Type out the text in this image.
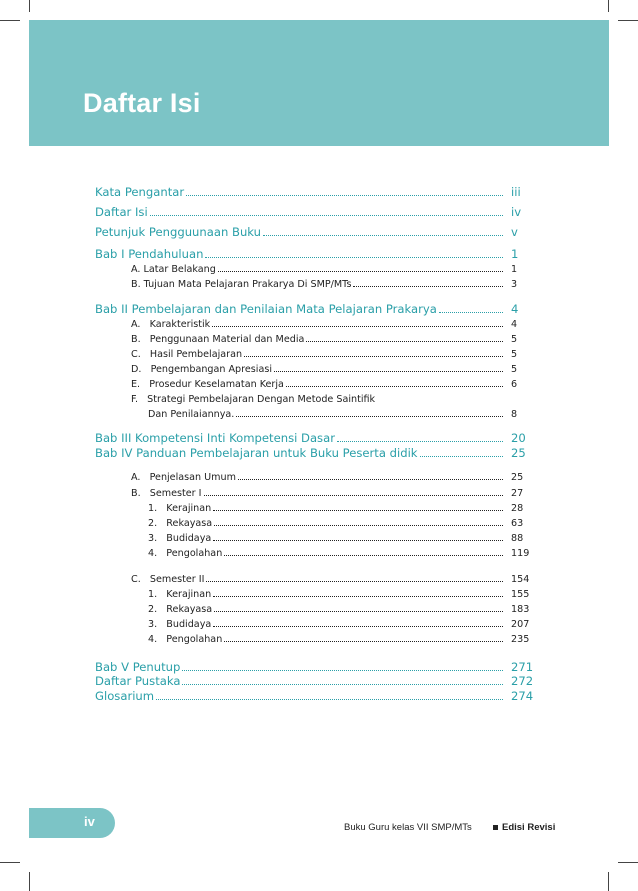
Daftar Isi
Kata Pengantar	iii
Daftar Isi	iv
Petunjuk Pengguunaan Buku	v
Bab I Pendahuluan	1
A. Latar Belakang	1
B. Tujuan Mata Pelajaran Prakarya Di SMP/MTs	3
Bab II Pembelajaran dan Penilaian Mata Pelajaran Prakarya	4
A.   Karakteristik	4
B.   Penggunaan Material dan Media	5
C.   Hasil Pembelajaran	5
D.   Pengembangan Apresiasi	5
E.   Prosedur Keselamatan Kerja	6
F.   Strategi Pembelajaran Dengan Metode Saintifik
Dan Penilaiannya.	8
Bab III Kompetensi Inti Kompetensi Dasar	20
Bab IV Panduan Pembelajaran untuk Buku Peserta didik	25
A.   Penjelasan Umum	25
B.   Semester I	27
1.   Kerajinan	28
2.   Rekayasa	63
3.   Budidaya	88
4.   Pengolahan	119
C.   Semester II	154
1.   Kerajinan	155
2.   Rekayasa	183
3.   Budidaya	207
4.   Pengolahan	235
Bab V Penutup	271
Daftar Pustaka	272
Glosarium	274
iv	Buku Guru kelas VII SMP/MTs	Edisi Revisi
